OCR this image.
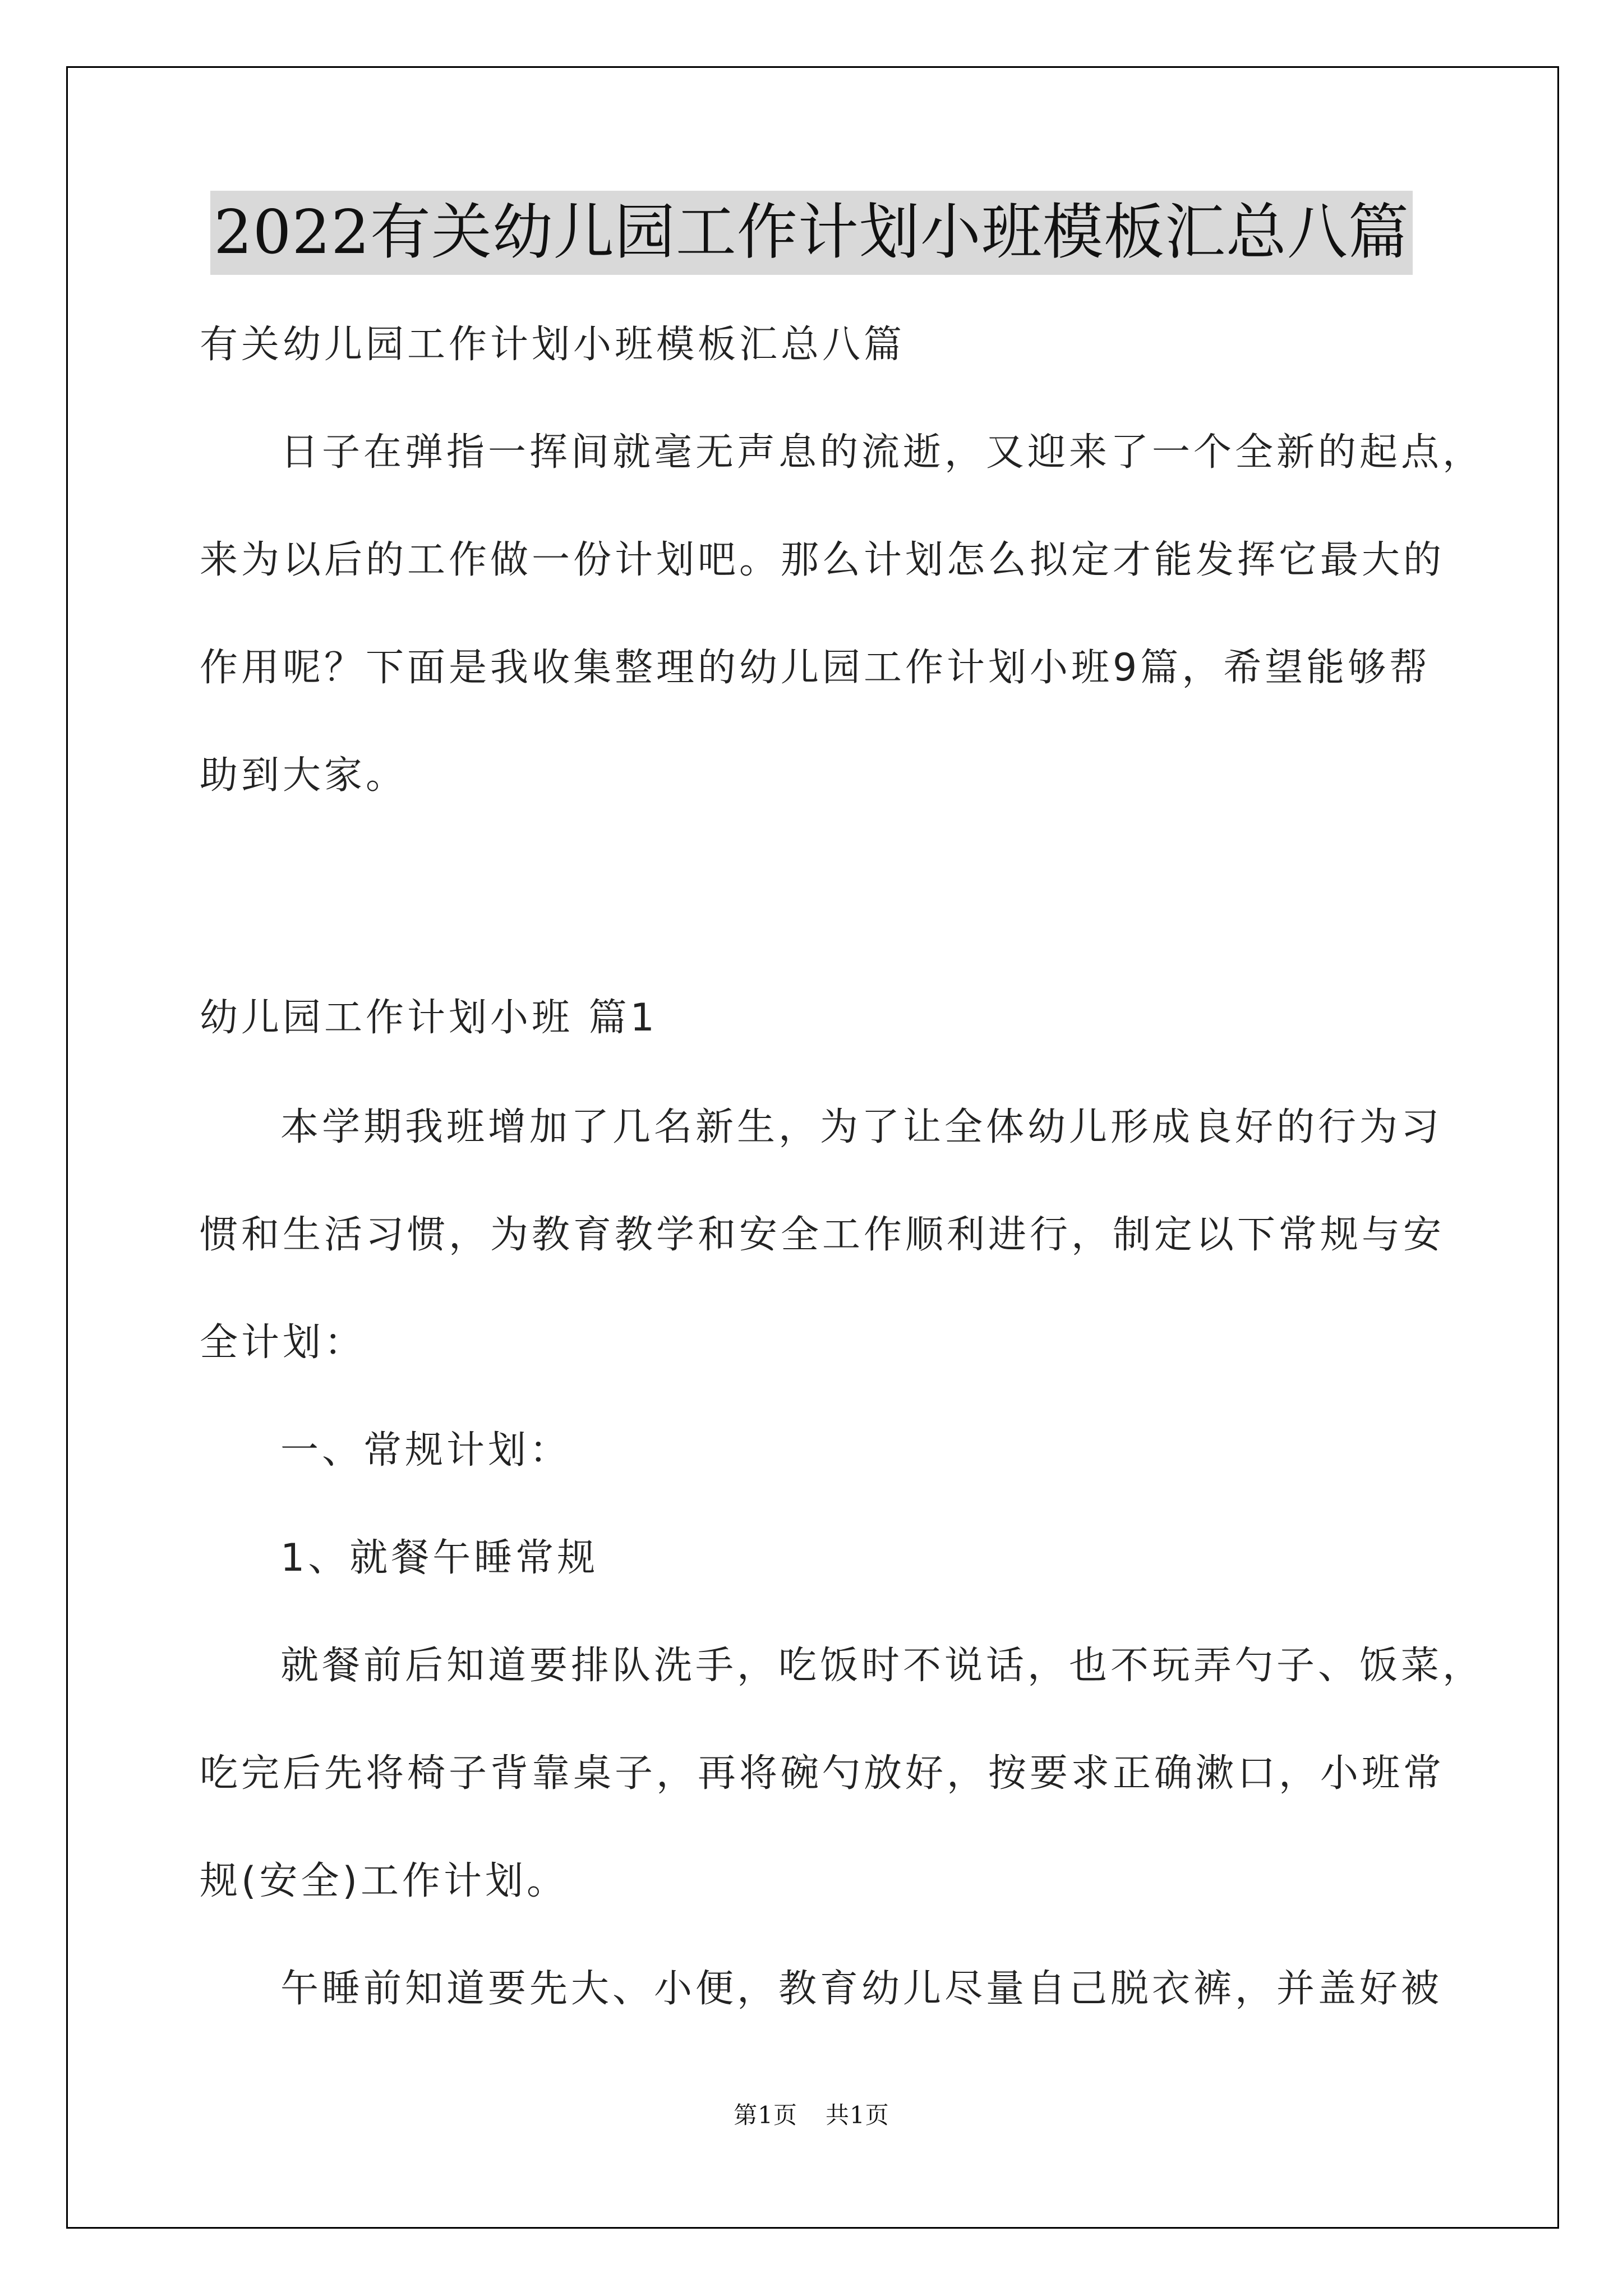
2022有关幼儿园工作计划小班模板汇总八篇
有关幼儿园工作计划小班模板汇总八篇
日子在弹指一挥间就毫无声息的流逝，又迎来了一个全新的起点，
来为以后的工作做一份计划吧。那么计划怎么拟定才能发挥它最大的
作用呢？下面是我收集整理的幼儿园工作计划小班9篇，希望能够帮
助到大家。
幼儿园工作计划小班 篇1
本学期我班增加了几名新生，为了让全体幼儿形成良好的行为习
惯和生活习惯，为教育教学和安全工作顺利进行，制定以下常规与安
全计划：
一、常规计划：
1、就餐午睡常规
就餐前后知道要排队洗手，吃饭时不说话，也不玩弄勺子、饭菜，
吃完后先将椅子背靠桌子，再将碗勺放好，按要求正确漱口，小班常
规(安全)工作计划。
午睡前知道要先大、小便，教育幼儿尽量自己脱衣裤，并盖好被
第1页 共1页
